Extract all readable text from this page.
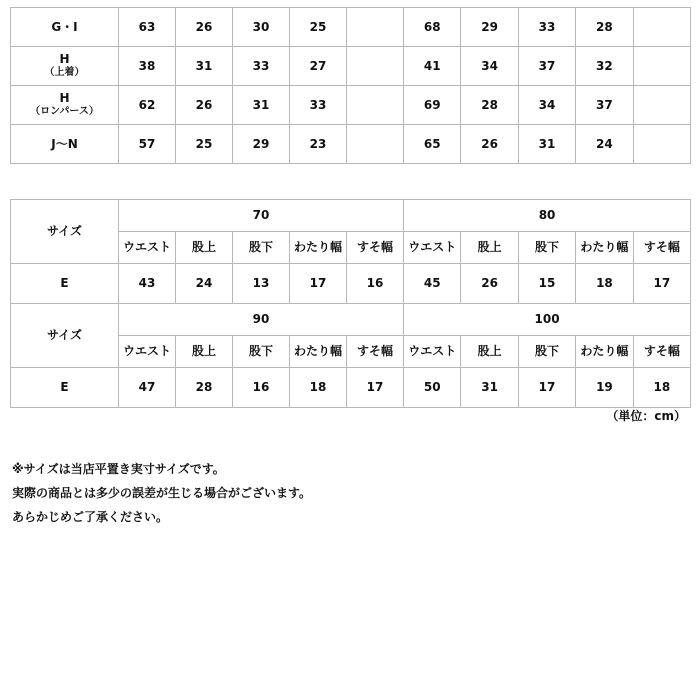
G・I	63	26	30	25		68	29	33	28	
H
（上着）	38	31	33	27		41	34	37	32	
H
（ロンパース）	62	26	31	33		69	28	34	37	
J～N	57	25	29	23		65	26	31	24	
サイズ	70					80				
	ウエスト	股上	股下	わたり幅	すそ幅	ウエスト	股上	股下	わたり幅	すそ幅
E	43	24	13	17	16	45	26	15	18	17
サイズ	90					100				
	ウエスト	股上	股下	わたり幅	すそ幅	ウエスト	股上	股下	わたり幅	すそ幅
E	47	28	16	18	17	50	31	17	19	18
（単位：cm）
※サイズは当店平置き実寸サイズです。
実際の商品とは多少の誤差が生じる場合がございます。
あらかじめご了承ください。
